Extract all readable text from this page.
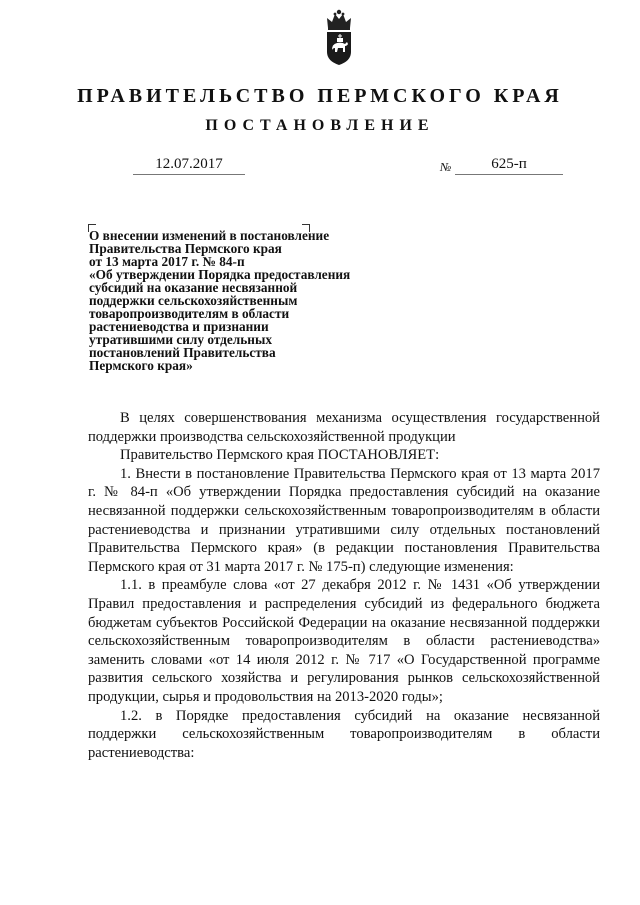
ПРАВИТЕЛЬСТВО ПЕРМСКОГО КРАЯ
ПОСТАНОВЛЕНИЕ
12.07.2017	№	625-п
О внесении изменений в постановление
Правительства Пермского края
от 13 марта 2017 г. № 84-п
«Об утверждении Порядка предоставления
субсидий на оказание несвязанной
поддержки сельскохозяйственным
товаропроизводителям в области
растениеводства и признании
утратившими силу отдельных
постановлений Правительства
Пермского края»

В целях совершенствования механизма осуществления государственной поддержки производства сельскохозяйственной продукции

Правительство Пермского края ПОСТАНОВЛЯЕТ:

1. Внести в постановление Правительства Пермского края от 13 марта 2017 г. № 84-п «Об утверждении Порядка предоставления субсидий на оказание несвязанной поддержки сельскохозяйственным товаропроизводителям в области растениеводства и признании утратившими силу отдельных постановлений Правительства Пермского края» (в редакции постановления Правительства Пермского края от 31 марта 2017 г. № 175-п) следующие изменения:

1.1. в преамбуле слова «от 27 декабря 2012 г. № 1431 «Об утверждении Правил предоставления и распределения субсидий из федерального бюджета бюджетам субъектов Российской Федерации на оказание несвязанной поддержки сельскохозяйственным товаропроизводителям в области растениеводства» заменить словами «от 14 июля 2012 г. № 717 «О Государственной программе развития сельского хозяйства и регулирования рынков сельскохозяйственной продукции, сырья и продовольствия на 2013-2020 годы»;

1.2. в Порядке предоставления субсидий на оказание несвязанной поддержки сельскохозяйственным товаропроизводителям в области растениеводства:
